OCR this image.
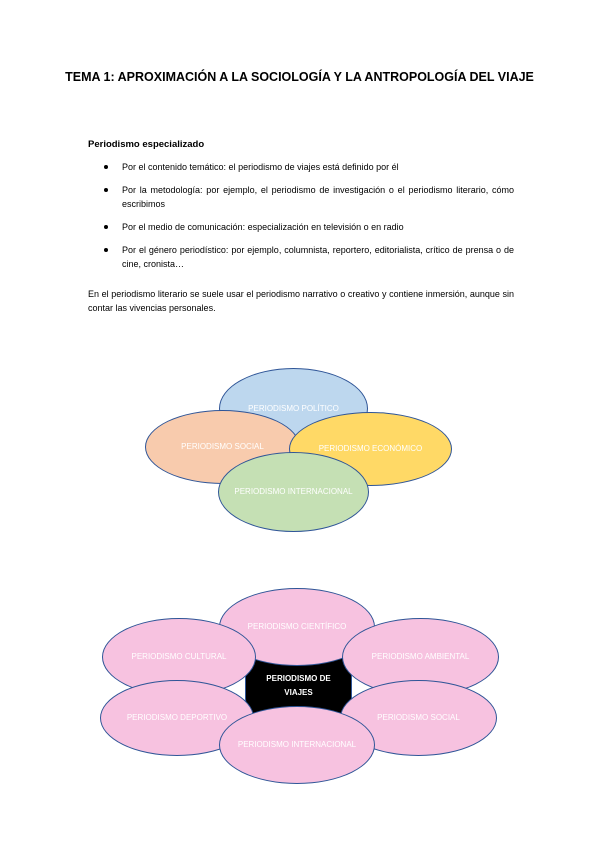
TEMA 1: APROXIMACIÓN A LA SOCIOLOGÍA Y LA ANTROPOLOGÍA DEL VIAJE
Periodismo especializado
Por el contenido temático: el periodismo de viajes está definido por él
Por la metodología: por ejemplo, el periodismo de investigación o el periodismo literario, cómo escribimos
Por el medio de comunicación: especialización en televisión o en radio
Por el género periodístico: por ejemplo, columnista, reportero, editorialista, crítico de prensa o de cine, cronista…
En el periodismo literario se suele usar el periodismo narrativo o creativo y contiene inmersión, aunque sin contar las vivencias personales.
PERIODISMO POLÍTICO
PERIODISMO SOCIAL	PERIODISMO ECONÓMICO
PERIODISMO INTERNACIONAL
PERIODISMO DE VIAJES
PERIODISMO CIENTÍFICO
PERIODISMO CULTURAL	PERIODISMO AMBIENTAL
PERIODISMO DEPORTIVO	PERIODISMO SOCIAL
PERIODISMO INTERNACIONAL
